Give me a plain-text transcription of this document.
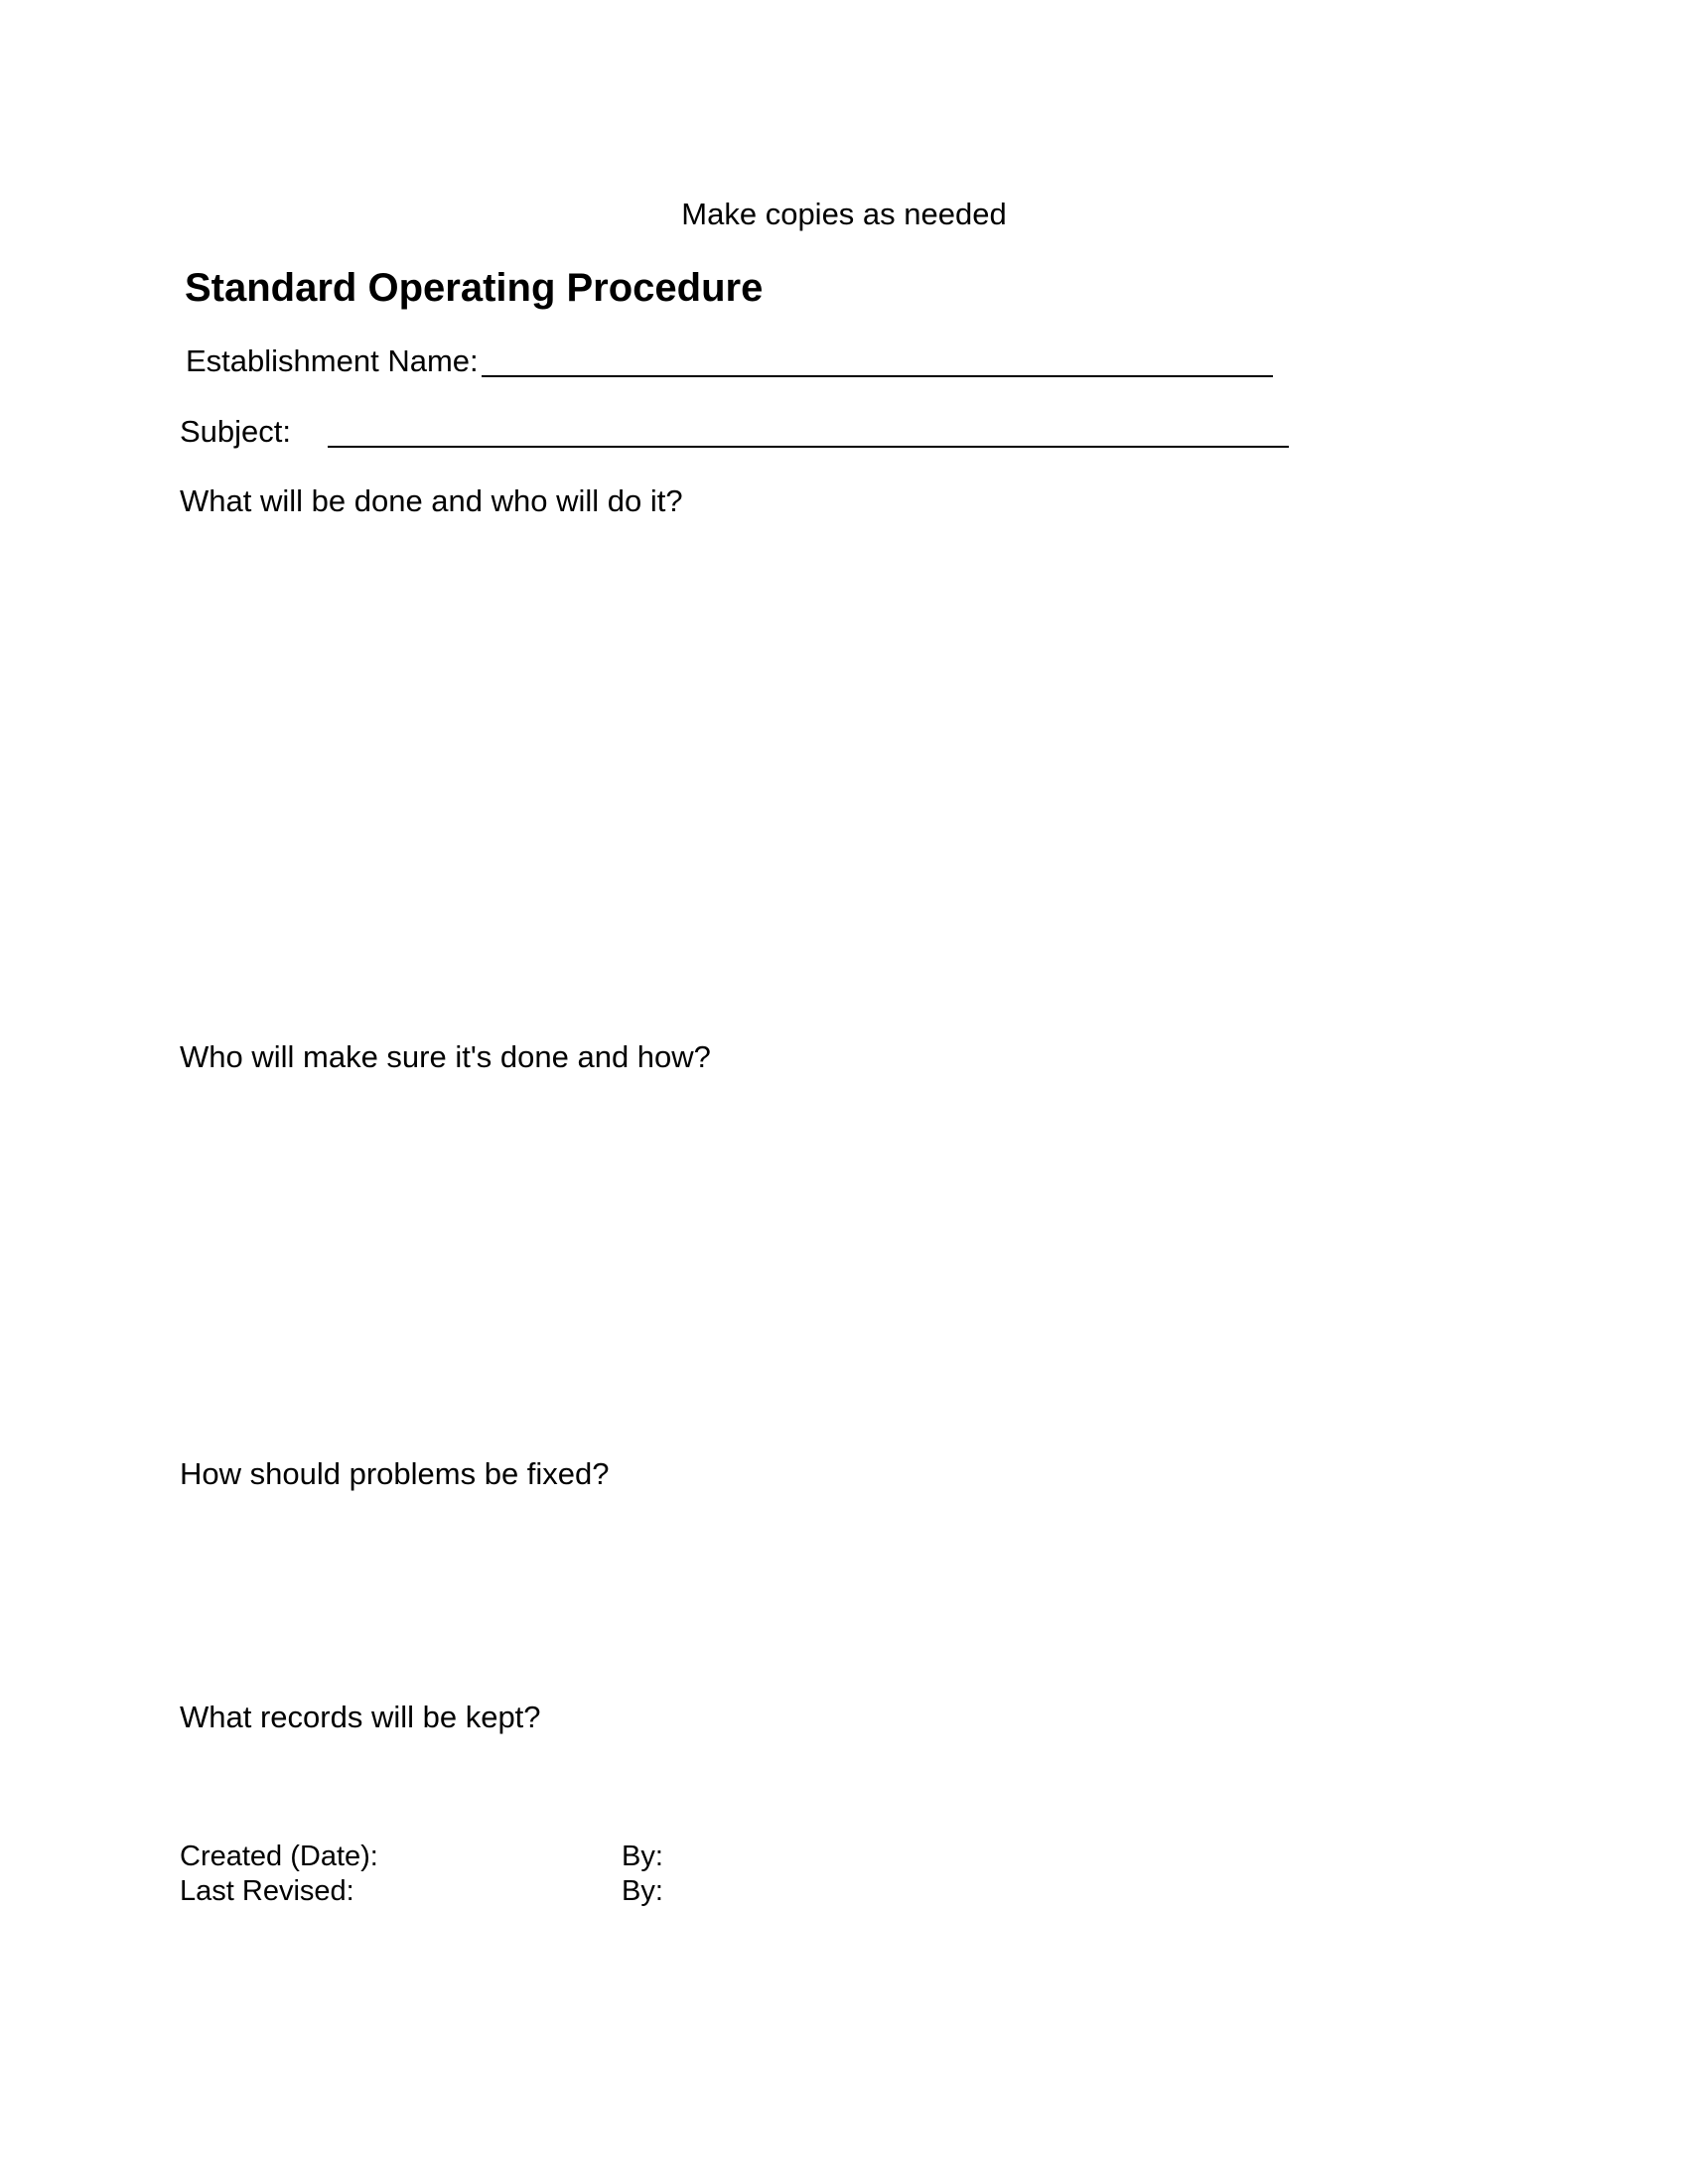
Make copies as needed
Standard Operating Procedure
Establishment Name:
Subject:
What will be done and who will do it?
Who will make sure it's done and how?
How should problems be fixed?
What records will be kept?
Created (Date):	By:
Last Revised:	By:
